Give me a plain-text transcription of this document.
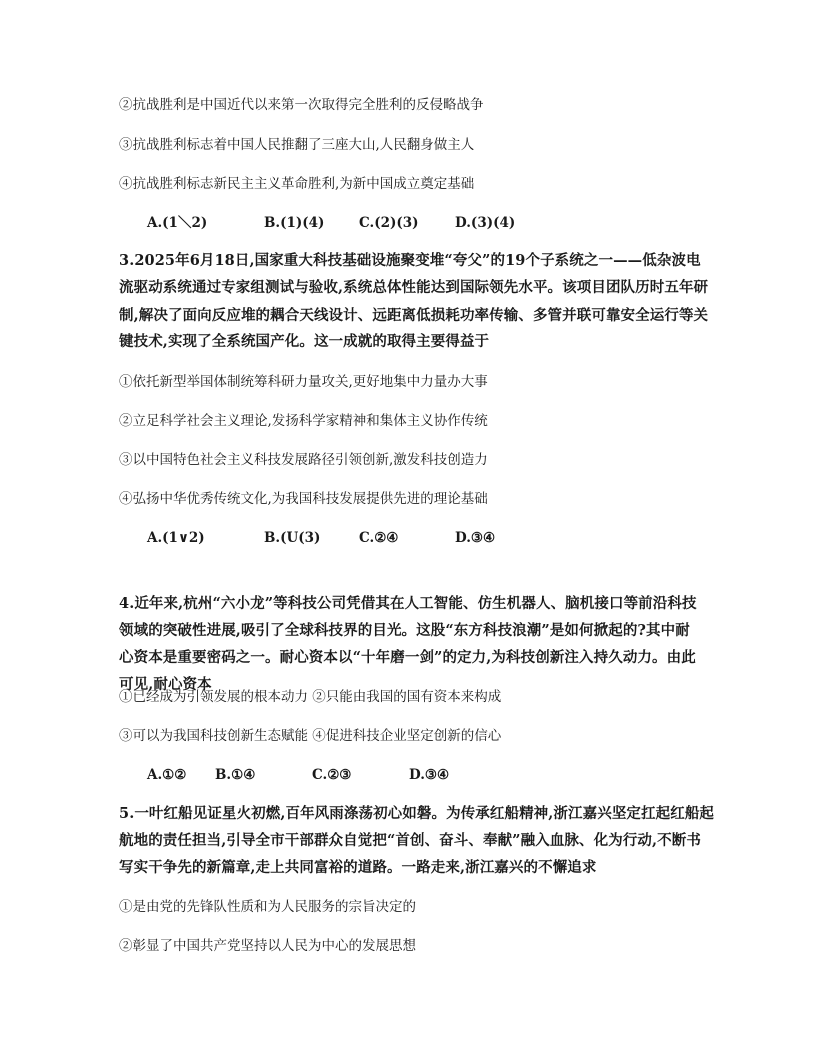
②抗战胜利是中国近代以来第一次取得完全胜利的反侵略战争
③抗战胜利标志着中国人民推翻了三座大山,人民翻身做主人
④抗战胜利标志新民主主义革命胜利,为新中国成立奠定基础
A.(1＼2)	B.(1)(4)	C.(2)(3)	D.(3)(4)
3.2025年6月18日,国家重大科技基础设施聚变堆“夸父”的19个子系统之一——低杂波电
流驱动系统通过专家组测试与验收,系统总体性能达到国际领先水平。该项目团队历时五年研
制,解决了面向反应堆的耦合天线设计、远距离低损耗功率传输、多管并联可靠安全运行等关
键技术,实现了全系统国产化。这一成就的取得主要得益于
①依托新型举国体制统筹科研力量攻关,更好地集中力量办大事
②立足科学社会主义理论,发扬科学家精神和集体主义协作传统
③以中国特色社会主义科技发展路径引领创新,激发科技创造力
④弘扬中华优秀传统文化,为我国科技发展提供先进的理论基础
A.(1∨2)	B.(U(3)	C.②④	D.③④
4.近年来,杭州“六小龙”等科技公司凭借其在人工智能、仿生机器人、脑机接口等前沿科技
领域的突破性进展,吸引了全球科技界的目光。这股“东方科技浪潮”是如何掀起的?其中耐
心资本是重要密码之一。耐心资本以“十年磨一剑”的定力,为科技创新注入持久动力。由此
可见,耐心资本
①已经成为引领发展的根本动力 ②只能由我国的国有资本来构成
③可以为我国科技创新生态赋能 ④促进科技企业坚定创新的信心
A.①② B.①④	C.②③	D.③④
5.一叶红船见证星火初燃,百年风雨涤荡初心如磐。为传承红船精神,浙江嘉兴坚定扛起红船起
航地的责任担当,引导全市干部群众自觉把“首创、奋斗、奉献”融入血脉、化为行动,不断书
写实干争先的新篇章,走上共同富裕的道路。一路走来,浙江嘉兴的不懈追求
①是由党的先锋队性质和为人民服务的宗旨决定的
②彰显了中国共产党坚持以人民为中心的发展思想
